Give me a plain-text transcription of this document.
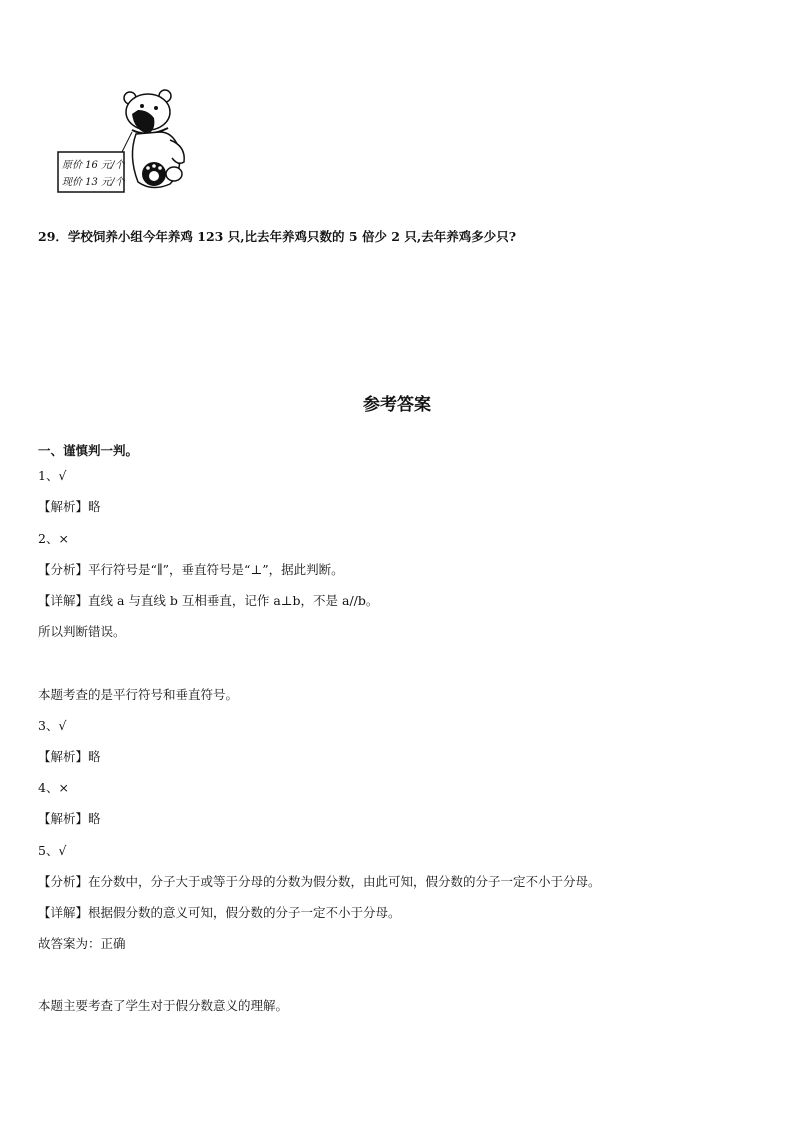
原价 16 元/个
现价 13 元/个
29．学校饲养小组今年养鸡 123 只,比去年养鸡只数的 5 倍少 2 只,去年养鸡多少只?
参考答案
一、谨慎判一判。
1、√
【解析】略
2、×
【分析】平行符号是“∥”，垂直符号是“⊥”，据此判断。
【详解】直线 a 与直线 b 互相垂直，记作 a⊥b，不是 a//b。
所以判断错误。
本题考查的是平行符号和垂直符号。
3、√
【解析】略
4、×
【解析】略
5、√
【分析】在分数中，分子大于或等于分母的分数为假分数，由此可知，假分数的分子一定不小于分母。
【详解】根据假分数的意义可知，假分数的分子一定不小于分母。
故答案为：正确
本题主要考查了学生对于假分数意义的理解。
